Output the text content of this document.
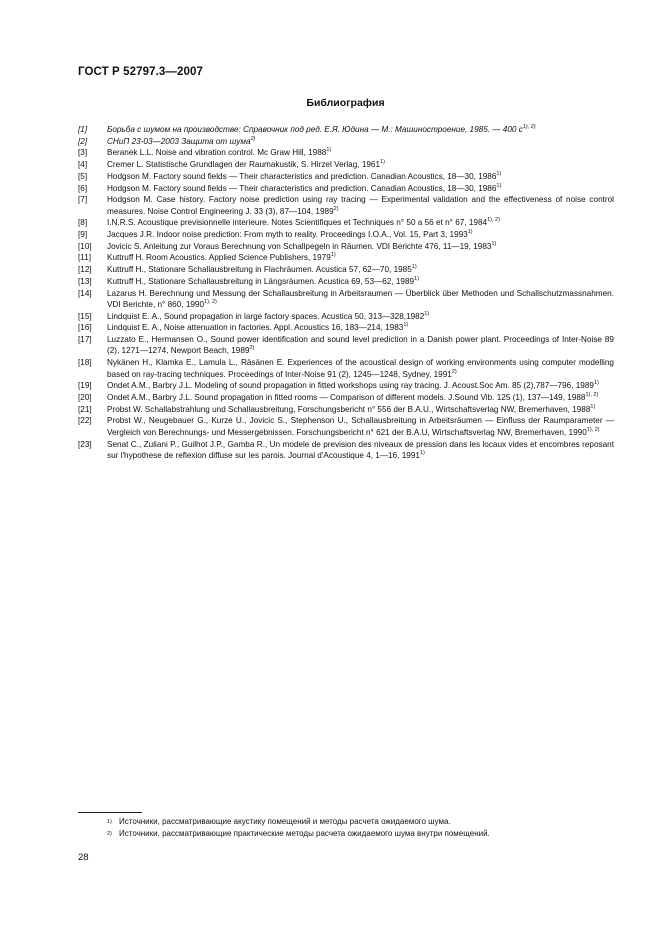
ГОСТ Р 52797.3—2007
Библиография
[1] Борьба с шумом на производстве: Справочник под ред. Е.Я. Юдина — М.: Машиностроение, 1985. — 400 $с^{1), 2)}$
[2] СНиП 23-03—2003 Защита от шума$^{2)}$
[3] Beranek L.L. Noise and vibration control. Mc Graw Hill, 1988$^{1)}$
[4] Cremer L. Statistische Grundlagen der Raumakustik, S. Hirzel Verlag, 1961$^{1)}$
[5] Hodgson M. Factory sound fields — Their characteristics and prediction. Canadian Acoustics, 18—30, 1986$^{1)}$
[6] Hodgson M. Factory sound fields — Their characteristics and prediction. Canadian Acoustics, 18—30, 1986$^{1)}$
[7] Hodgson M. Case history. Factory noise prediction using ray tracing — Experimental validation and the effectiveness of noise control measures. Noise Control Engineering J. 33 (3), 87—104, 1989$^{2)}$
[8] I.N.R.S. Acoustique previsionnelle interieure. Notes Scientifiques et Techniques n° 50 a 56 et n° 67, $1984^{1), 2)}$
[9] Jacques J.R. Indoor noise prediction: From myth to reality. Proceedings I.O.A., Vol. 15, Part 3, 1993$^{1)}$
[10] Jovicic S. Anleitung zur Voraus Berechnung von Schallpegeln in Räumen. VDI Berichte 476, 11—19, 1983$^{1)}$
[11] Kuttruff H. Room Acoustics. Applied Science Publishers, 1979$^{1)}$
[12] Kuttruff H., Stationare Schallausbreitung in Flachräumen. Acustica 57, 62—70, 1985$^{1)}$
[13] Kuttruff H., Stationare Schallausbreitung in Längsräumen. Acustica 69, 53—62, 1989$^{1)}$
[14] Lazarus H. Berechnung und Messung der Schallausbreitung in Arbeitsraumen — Überblick über Methoden und Schallschutzmassnahmen. VDI Berichte, n° 860, $1990^{1), 2)}$
[15] Lindquist E. A., Sound propagation in large factory spaces. Acustica 50, 313—328,1982$^{1)}$
[16] Lindquist E. A., Noise attenuation in factories. Appl. Acoustics 16, 183—214, 1983$^{1)}$
[17] Luzzato E., Hermansen O., Sound power identification and sound level prediction in a Danish power plant. Proceedings of Inter-Noise 89 (2), 1271—1274, Newport Beach, 1989$^{2)}$
[18] Nykänen H., Klamka E., Lamula L., Räsänen E. Experiences of the acoustical design of working environments using computer modelling based on ray-tracing techniques. Proceedings of Inter-Noise 91 (2), 1245—1248, Sydney, 1991$^{2)}$
[19] Ondet A.M., Barbry J.L. Modeling of sound propagation in fitted workshops using ray tracing. J. Acoust.Soc Am. 85 (2),787—796, 1989$^{1)}$
[20] Ondet A.M., Barbry J.L. Sound propagation in fitted rooms — Comparison of different models. J.Sound Vib. 125 (1), 137—149, $1988^{1), 2)}$
[21] Probst W. Schallabstrahlung und Schallausbreitung, Forschungsbericht n° 556 der B.A.U., Wirtschaftsverlag NW, Bremerhaven, 1988$^{1)}$
[22] Probst W., Neugebauer G., Kurze U., Jovicic S., Stephenson U., Schallausbreitung in Arbeitsräumen — Einfluss der Raumparameter — Vergleich von Berechnungs- und Messergebnissen. Forschungsbericht n° 621 der B.A.U, Wirtschaftsverlag NW, Bremerhaven, $1990^{1), 2)}$
[23] Senat C., Zuliani P., Guilhot J.P., Gamba R., Un modele de prevision des niveaux de pression dans les locaux vides et encombres reposant sur l'hypothese de reflexion diffuse sur les parois. Journal d'Acoustique 4, 1—16, 1991$^{1)}$
1) Источники, рассматривающие акустику помещений и методы расчета ожидаемого шума.
2) Источники, рассматривающие практические методы расчета ожидаемого шума внутри помещений.
28
